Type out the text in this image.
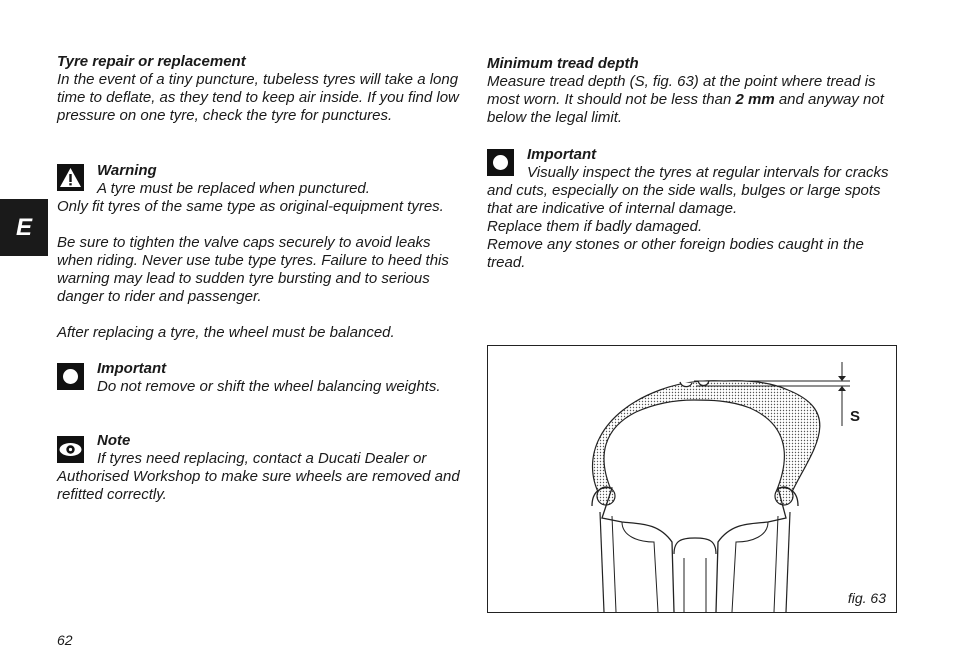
E

Tyre repair or replacement

In the event of a tiny puncture, tubeless tyres will take a long time to deflate, as they tend to keep air inside. If you find low pressure on one tyre, check the tyre for punctures.

Warning

A tyre must be replaced when punctured.

Only fit tyres of the same type as original-equipment tyres.

Be sure to tighten the valve caps securely to avoid leaks when riding. Never use tube type tyres. Failure to heed this warning may lead to sudden tyre bursting and to serious danger to rider and passenger.

After replacing a tyre, the wheel must be balanced.

Important

Do not remove or shift the wheel balancing weights.

Note

If tyres need replacing, contact a Ducati Dealer or Authorised Workshop to make sure wheels are removed and refitted correctly.

Minimum tread depth

Measure tread depth (S, fig. 63) at the point where tread is most worn. It should not be less than 2 mm and anyway not below the legal limit.

Important

Visually inspect the tyres at regular intervals for cracks and cuts, especially on the side walls, bulges or large spots that are indicative of internal damage.

Replace them if badly damaged.

Remove any stones or other foreign bodies caught in the tread.

S
fig. 63
62
